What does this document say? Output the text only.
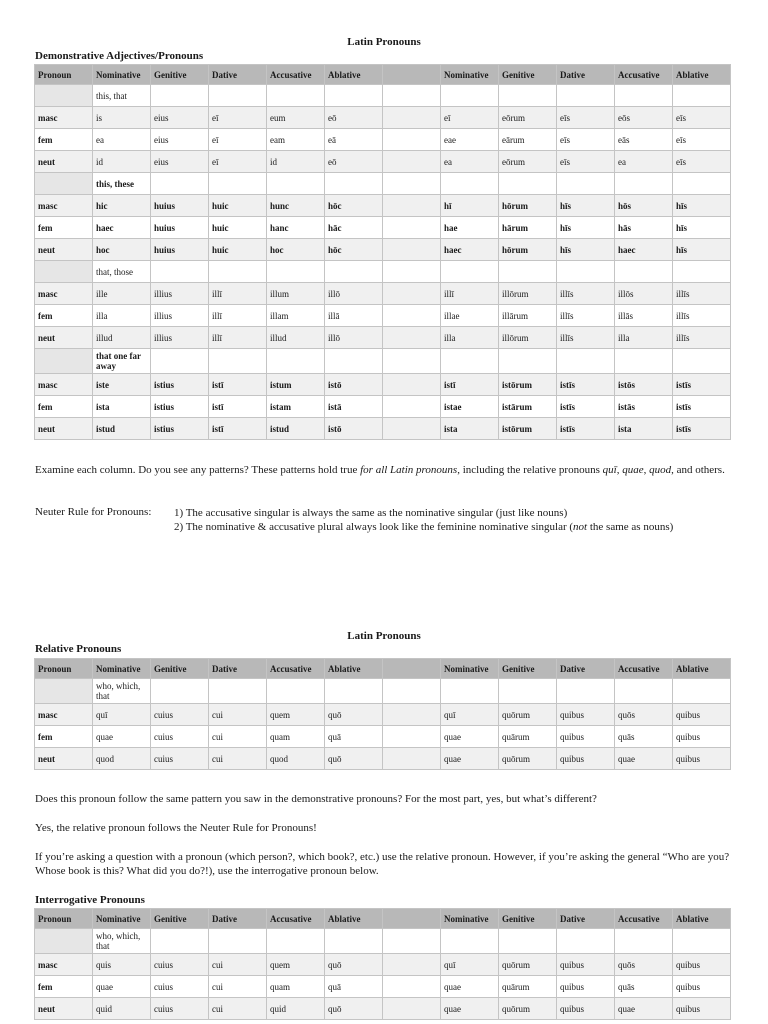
Latin Pronouns
Demonstrative Adjectives/Pronouns
Pronoun	Nominative	Genitive	Dative	Accusative	Ablative		Nominative	Genitive	Dative	Accusative	Ablative
	this, that										
masc	is	eius	eī	eum	eō		eī	eōrum	eīs	eōs	eīs
fem	ea	eius	eī	eam	eā		eae	eārum	eīs	eās	eīs
neut	id	eius	eī	id	eō		ea	eōrum	eīs	ea	eīs
	this, these										
masc	hic	huius	huic	hunc	hōc		hī	hōrum	hīs	hōs	hīs
fem	haec	huius	huic	hanc	hāc		hae	hārum	hīs	hās	hīs
neut	hoc	huius	huic	hoc	hōc		haec	hōrum	hīs	haec	hīs
	that, those										
masc	ille	illius	illī	illum	illō		illī	illōrum	illīs	illōs	illīs
fem	illa	illius	illī	illam	illā		illae	illārum	illīs	illās	illīs
neut	illud	illius	illī	illud	illō		illa	illōrum	illīs	illa	illīs
	that one far away										
masc	iste	istius	istī	istum	istō		istī	istōrum	istīs	istōs	istīs
fem	ista	istius	istī	istam	istā		istae	istārum	istīs	istās	istīs
neut	istud	istius	istī	istud	istō		ista	istōrum	istīs	ista	istīs
Examine each column. Do you see any patterns? These patterns hold true for all Latin pronouns, including the relative pronouns quī, quae, quod, and others.
Neuter Rule for Pronouns: 1) The accusative singular is always the same as the nominative singular (just like nouns)
2) The nominative & accusative plural always look like the feminine nominative singular (not the same as nouns)
Latin Pronouns
Relative Pronouns
Pronoun	Nominative	Genitive	Dative	Accusative	Ablative		Nominative	Genitive	Dative	Accusative	Ablative
	who, which, that										
masc	quī	cuius	cui	quem	quō		quī	quōrum	quibus	quōs	quibus
fem	quae	cuius	cui	quam	quā		quae	quārum	quibus	quās	quibus
neut	quod	cuius	cui	quod	quō		quae	quōrum	quibus	quae	quibus
Does this pronoun follow the same pattern you saw in the demonstrative pronouns? For the most part, yes, but what’s different?
Yes, the relative pronoun follows the Neuter Rule for Pronouns!
If you’re asking a question with a pronoun (which person?, which book?, etc.) use the relative pronoun. However, if you’re asking the general “Who are you? Whose book is this? What did you do?!), use the interrogative pronoun below.
Interrogative Pronouns
Pronoun	Nominative	Genitive	Dative	Accusative	Ablative		Nominative	Genitive	Dative	Accusative	Ablative
	who, which, that										
masc	quis	cuius	cui	quem	quō		quī	quōrum	quibus	quōs	quibus
fem	quae	cuius	cui	quam	quā		quae	quārum	quibus	quās	quibus
neut	quid	cuius	cui	quid	quō		quae	quōrum	quibus	quae	quibus
